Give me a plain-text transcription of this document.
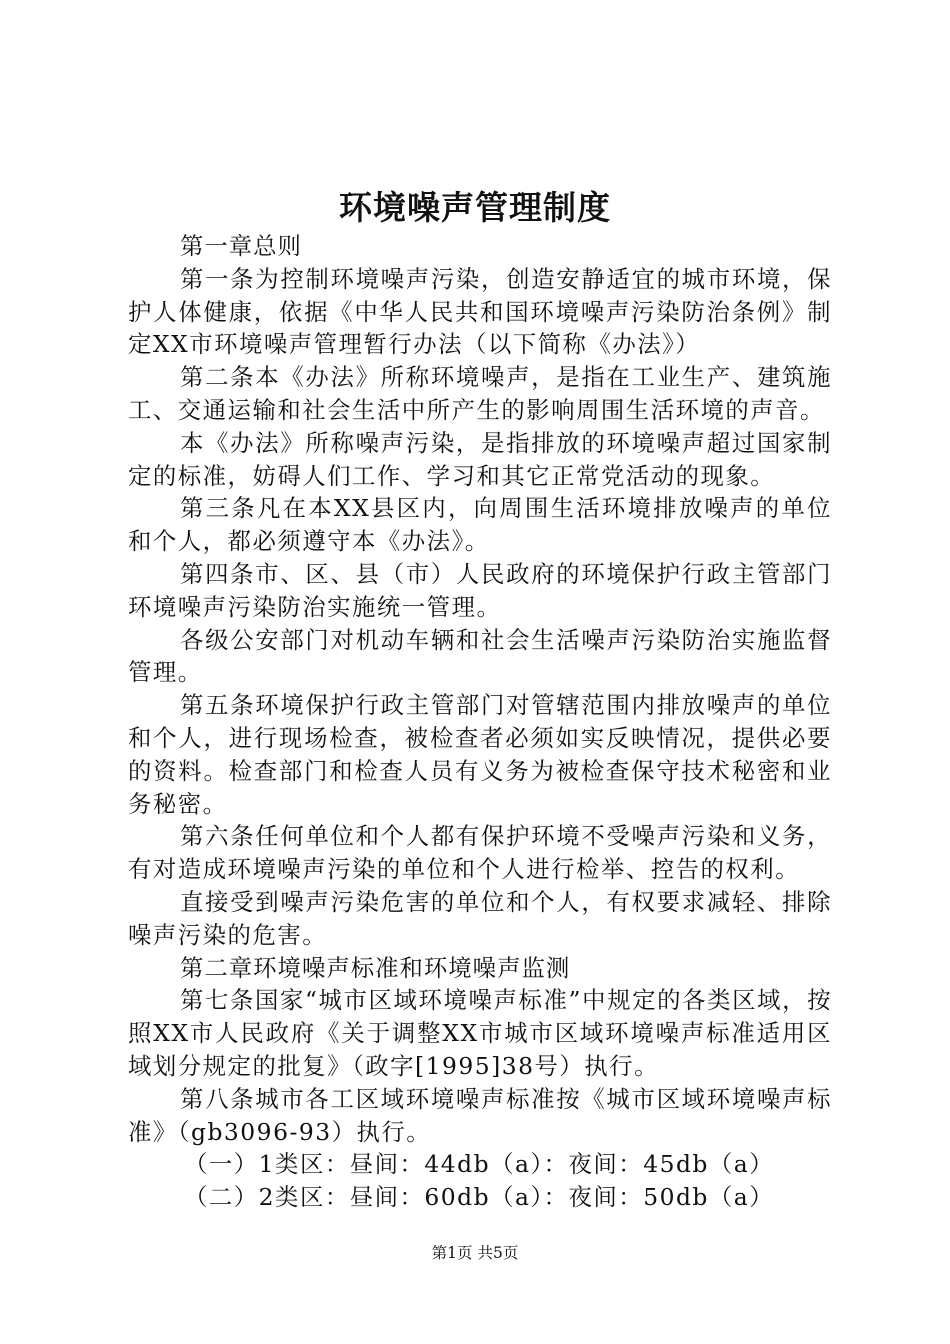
环境噪声管理制度

第一章总则

第一条为控制环境噪声污染，创造安静适宜的城市环境，保护人体健康，依据《中华人民共和国环境噪声污染防治条例》制定XX市环境噪声管理暂行办法（以下简称《办法》）

第二条本《办法》所称环境噪声，是指在工业生产、建筑施工、交通运输和社会生活中所产生的影响周围生活环境的声音。

本《办法》所称噪声污染，是指排放的环境噪声超过国家制定的标准，妨碍人们工作、学习和其它正常党活动的现象。

第三条凡在本XX县区内，向周围生活环境排放噪声的单位和个人，都必须遵守本《办法》。

第四条市、区、县（市）人民政府的环境保护行政主管部门环境噪声污染防治实施统一管理。

各级公安部门对机动车辆和社会生活噪声污染防治实施监督管理。

第五条环境保护行政主管部门对管辖范围内排放噪声的单位和个人，进行现场检查，被检查者必须如实反映情况，提供必要的资料。检查部门和检查人员有义务为被检查保守技术秘密和业务秘密。

第六条任何单位和个人都有保护环境不受噪声污染和义务，有对造成环境噪声污染的单位和个人进行检举、控告的权利。

直接受到噪声污染危害的单位和个人，有权要求减轻、排除噪声污染的危害。

第二章环境噪声标准和环境噪声监测

第七条国家“城市区域环境噪声标准”中规定的各类区域，按照XX市人民政府《关于调整XX市城市区域环境噪声标准适用区域划分规定的批复》（政字[1995]38号）执行。

第八条城市各工区域环境噪声标准按《城市区域环境噪声标准》（gb3096-93）执行。

（一）1类区：昼间：44db（a）：夜间：45db（a）

（二）2类区：昼间：60db（a）：夜间：50db（a）

第1页 共5页
